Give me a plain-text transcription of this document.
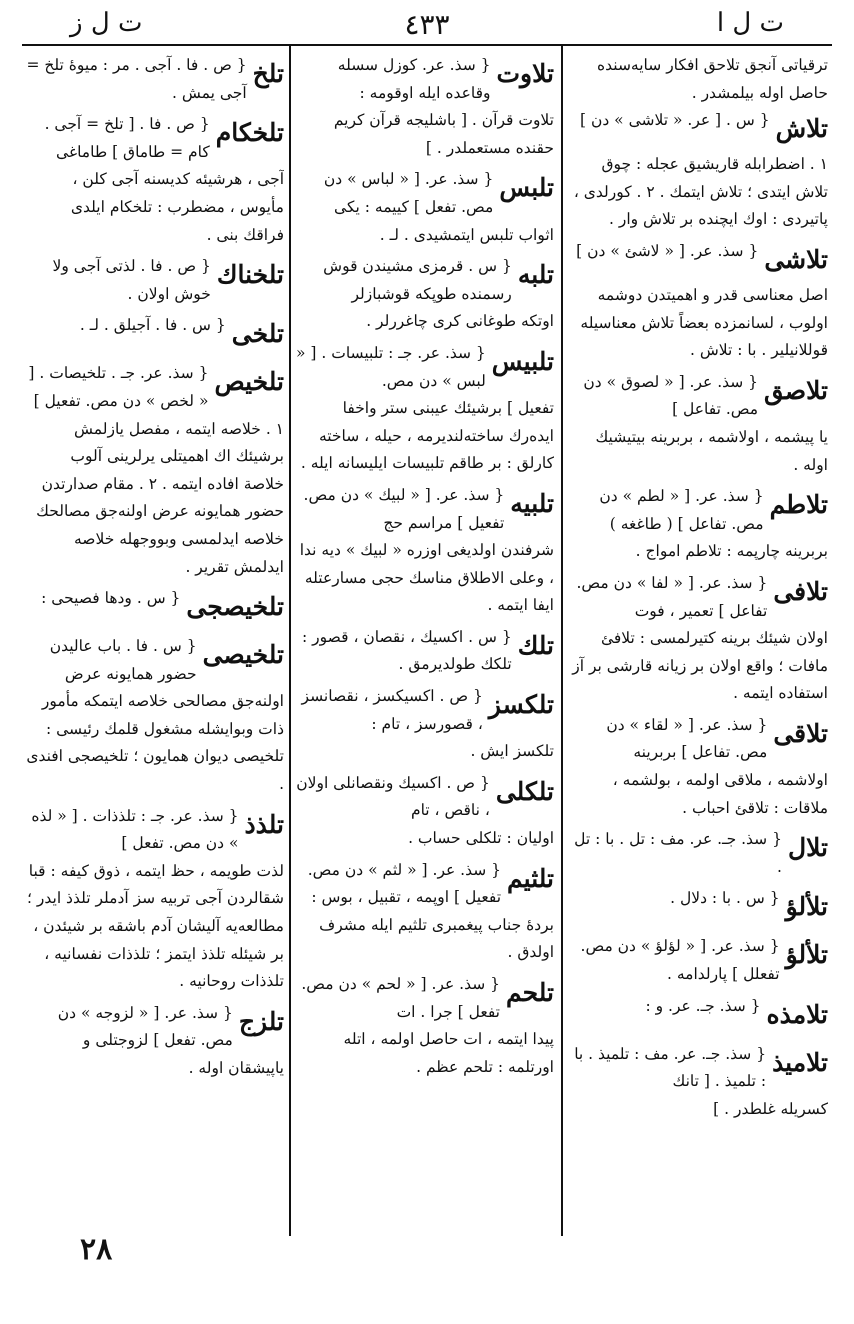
ت ل ا
٤٣٣
ت ل ز
ترقياتى آنجق تلاحق افكار سايه‌سنده حاصل اوله بيلمشدر .
تلاش
{ س . [ عر. « تلاشى » دن ]
١ . اضطرابله قاريشيق عجله : چوق تلاش ايتدى ؛ تلاش ايتمك . ٢ . كورلدى ، پاتيردى : اوك ايچنده بر تلاش وار .
تلاشى
{ سذ. عر. [ « لاشئ » دن ]
اصل معناسى قدر و اهميتدن دوشمه اولوب ، لسانمزده بعضاً تلاش معناسيله قوللانيلير . با : تلاش .
تلاصق
{ سذ. عر. [ « لصوق » دن مص. تفاعل ]
يا پيشمه ، اولاشمه ، بربرينه بيتيشيك اوله .
تلاطم
{ سذ. عر. [ « لطم » دن مص. تفاعل ] ( طاغغه )
بربرينه چارپمه : تلاطم امواج .
تلافى
{ سذ. عر. [ « لفا » دن مص. تفاعل ] تعمير ، فوت
اولان شيئك برينه كتيرلمسى : تلافئ مافات ؛ واقع اولان بر زيانه قارشى بر آز استفاده ايتمه .
تلاقى
{ سذ. عر. [ « لقاء » دن مص. تفاعل ] بربرينه
اولاشمه ، ملاقى اولمه ، بولشمه ، ملاقات : تلاقئ احباب .
تلال
{ سذ. جـ. عر. مف : تل . با : تل .
تلألؤ
{ س . با : دلال .
تلألؤ
{ سذ. عر. [ « لؤلؤ » دن مص. تفعلل ] پارلدامه .
تلامذه
{ سذ. جـ. عر. و :
تلاميذ
{ سذ. جـ. عر. مف : تلميذ . با : تلميذ . [ تانك
كسريله غلطدر . ]
تلاوت
{ سذ. عر. كوزل سسله وقاعده ايله اوقومه :
تلاوت قرآن . [ باشليجه قرآن كريم حقنده مستعملدر . ]
تلبس
{ سذ. عر. [ « لباس » دن مص. تفعل ] كييمه : يكى
اثواب تلبس ايتمشيدى . لـ .
تلبه
{ س . قرمزى مشيندن قوش رسمنده طوپكه قوشبازلر
اوتكه طوغانى كرى چاغررلر .
تلبيس
{ سذ. عر. جـ : تلبيسات . [ « لبس » دن مص.
تفعيل ] برشيئك عيبنى ستر واخفا ايدەرك ساختەلندیرمە ، حيله ، ساختە كارلق : بر طاقم تلبيسات ايليسانه ايله .
تلبيه
{ سذ. عر. [ « لبيك » دن مص. تفعيل ] مراسم حج
شرفندن اولديغى اوزره « لبيك » ديه ندا ، وعلى الاطلاق مناسك حجى مسارعتله ايفا ايتمه .
تلك
{ س . اكسيك ، نقصان ، قصور : تلكك طولديرمق .
تلكسز
{ ص . اكسيكسز ، نقصانسز ، قصورسز ، تام :
تلكسز ايش .
تلكلى
{ ص . اكسيك ونقصانلى اولان ، ناقص ، تام
اوليان : تلكلى حساب .
تلثيم
{ سذ. عر. [ « لثم » دن مص. تفعيل ] اوپمه ، تقبيل ، بوس :
بردۀ جناب پيغمبرى تلثيم ايله مشرف اولدق .
تلحم
{ سذ. عر. [ « لحم » دن مص. تفعل ] جرا . ات
پيدا ايتمه ، ات حاصل اولمه ، اتله اورتلمه : تلحم عظم .
تلخ
{ ص . فا . آجى . مر : ميوۀ تلخ = آجى يمش .
تلخكام
{ ص . فا . [ تلخ = آجى . كام = طاماق ] طاماغى
آجى ، هرشيئه كديسنه آجى كلن ، مأيوس ، مضطرب : تلخكام ايلدى فراقك بنى .
تلخناك
{ ص . فا . لذتى آجى ولا خوش اولان .
تلخى
{ س . فا . آجيلق . لـ .
تلخيص
{ سذ. عر. جـ . تلخيصات . [ « لخص » دن مص. تفعيل ]
١ . خلاصه ايتمه ، مفصل يازلمش برشيئك اك اهميتلى يرلرينى آلوب خلاصة افاده ايتمه . ٢ . مقام صدارتدن حضور همايونه عرض اولنەجق مصالحك خلاصه ايدلمسى وبووجهله خلاصه ايدلمش تقرير .
تلخيصجى
{ س . ودها فصيحى :
تلخيصى
{ س . فا . باب عاليدن حضور همايونه عرض
اولنەجق مصالحى خلاصه ايتمكه مأمور ذات وبوايشله مشغول قلمك رئيسى : تلخيصى ديوان همايون ؛ تلخيصجى افندى .
تلذذ
{ سذ. عر. جـ : تلذذات . [ « لذه » دن مص. تفعل ]
لذت طويمه ، حظ ايتمه ، ذوق كيفه : قبا شقالردن آجى تربيه سز آدملر تلذذ ايدر ؛ مطالعەيه آليشان آدم باشقه بر شيئدن ، بر شيئله تلذذ ايتمز ؛ تلذذات نفسانيه ، تلذذات روحانيه .
تلزج
{ سذ. عر. [ « لزوجه » دن مص. تفعل ] لزوجتلى و
ياپيشقان اوله .
٢٨
